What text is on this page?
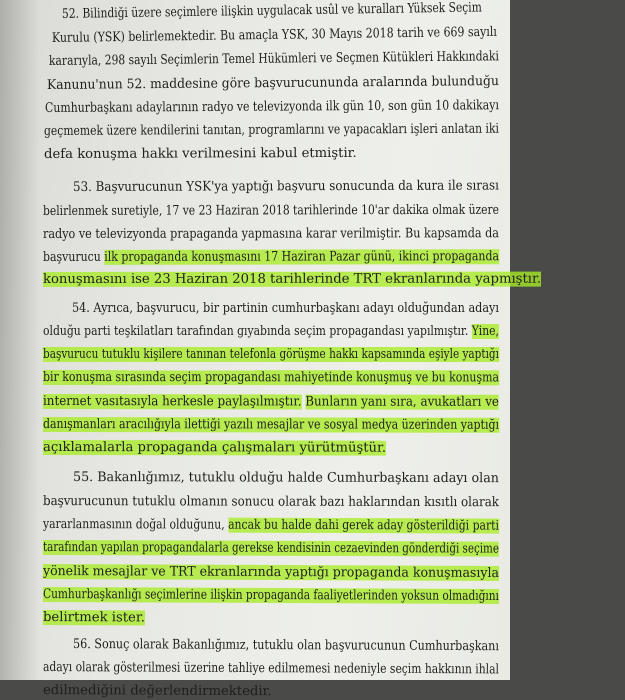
52. Bilindiği üzere seçimlere ilişkin uygulacak usûl ve kuralları Yüksek Seçim
Kurulu (YSK) belirlemektedir. Bu amaçla YSK, 30 Mayıs 2018 tarih ve 669 sayılı
kararıyla, 298 sayılı Seçimlerin Temel Hükümleri ve Seçmen Kütükleri Hakkındaki
Kanunu'nun 52. maddesine göre başvurucununda aralarında bulunduğu
Cumhurbaşkanı adaylarının radyo ve televizyonda ilk gün 10, son gün 10 dakikayı
geçmemek üzere kendilerini tanıtan, programlarını ve yapacakları işleri anlatan iki
defa konuşma hakkı verilmesini kabul etmiştir.
53. Başvurucunun YSK'ya yaptığı başvuru sonucunda da kura ile sırası
belirlenmek suretiyle, 17 ve 23 Haziran 2018 tarihlerinde 10'ar dakika olmak üzere
radyo ve televizyonda prapaganda yapmasına karar verilmiştir. Bu kapsamda da
başvurucu ilk propaganda konuşmasını 17 Haziran Pazar günü, ikinci propaganda
konuşmasını ise 23 Haziran 2018 tarihlerinde TRT ekranlarında yapmıştır.
54. Ayrıca, başvurucu, bir partinin cumhurbaşkanı adayı olduğundan adayı
olduğu parti teşkilatları tarafından gıyabında seçim propagandası yapılmıştır. Yine,
başvurucu tutuklu kişilere tanınan telefonla görüşme hakkı kapsamında eşiyle yaptığı
bir konuşma sırasında seçim propagandası mahiyetinde konuşmuş ve bu konuşma
internet vasıtasıyla herkesle paylaşılmıştır. Bunların yanı sıra, avukatları ve
danışmanları aracılığıyla ilettiği yazılı mesajlar ve sosyal medya üzerinden yaptığı
açıklamalarla propaganda çalışmaları yürütmüştür.
55. Bakanlığımız, tutuklu olduğu halde Cumhurbaşkanı adayı olan
başvurucunun tutuklu olmanın sonucu olarak bazı haklarından kısıtlı olarak
yararlanmasının doğal olduğunu, ancak bu halde dahi gerek aday gösterildiği parti
tarafından yapılan propagandalarla gerekse kendisinin cezaevinden gönderdiği seçime
yönelik mesajlar ve TRT ekranlarında yaptığı propaganda konuşmasıyla
Cumhurbaşkanlığı seçimlerine ilişkin propaganda faaliyetlerinden yoksun olmadığını
belirtmek ister.
56. Sonuç olarak Bakanlığımız, tutuklu olan başvurucunun Cumhurbaşkanı
adayı olarak gösterilmesi üzerine tahliye edilmemesi nedeniyle seçim hakkının ihlal
edilmediğini değerlendirmektedir.
